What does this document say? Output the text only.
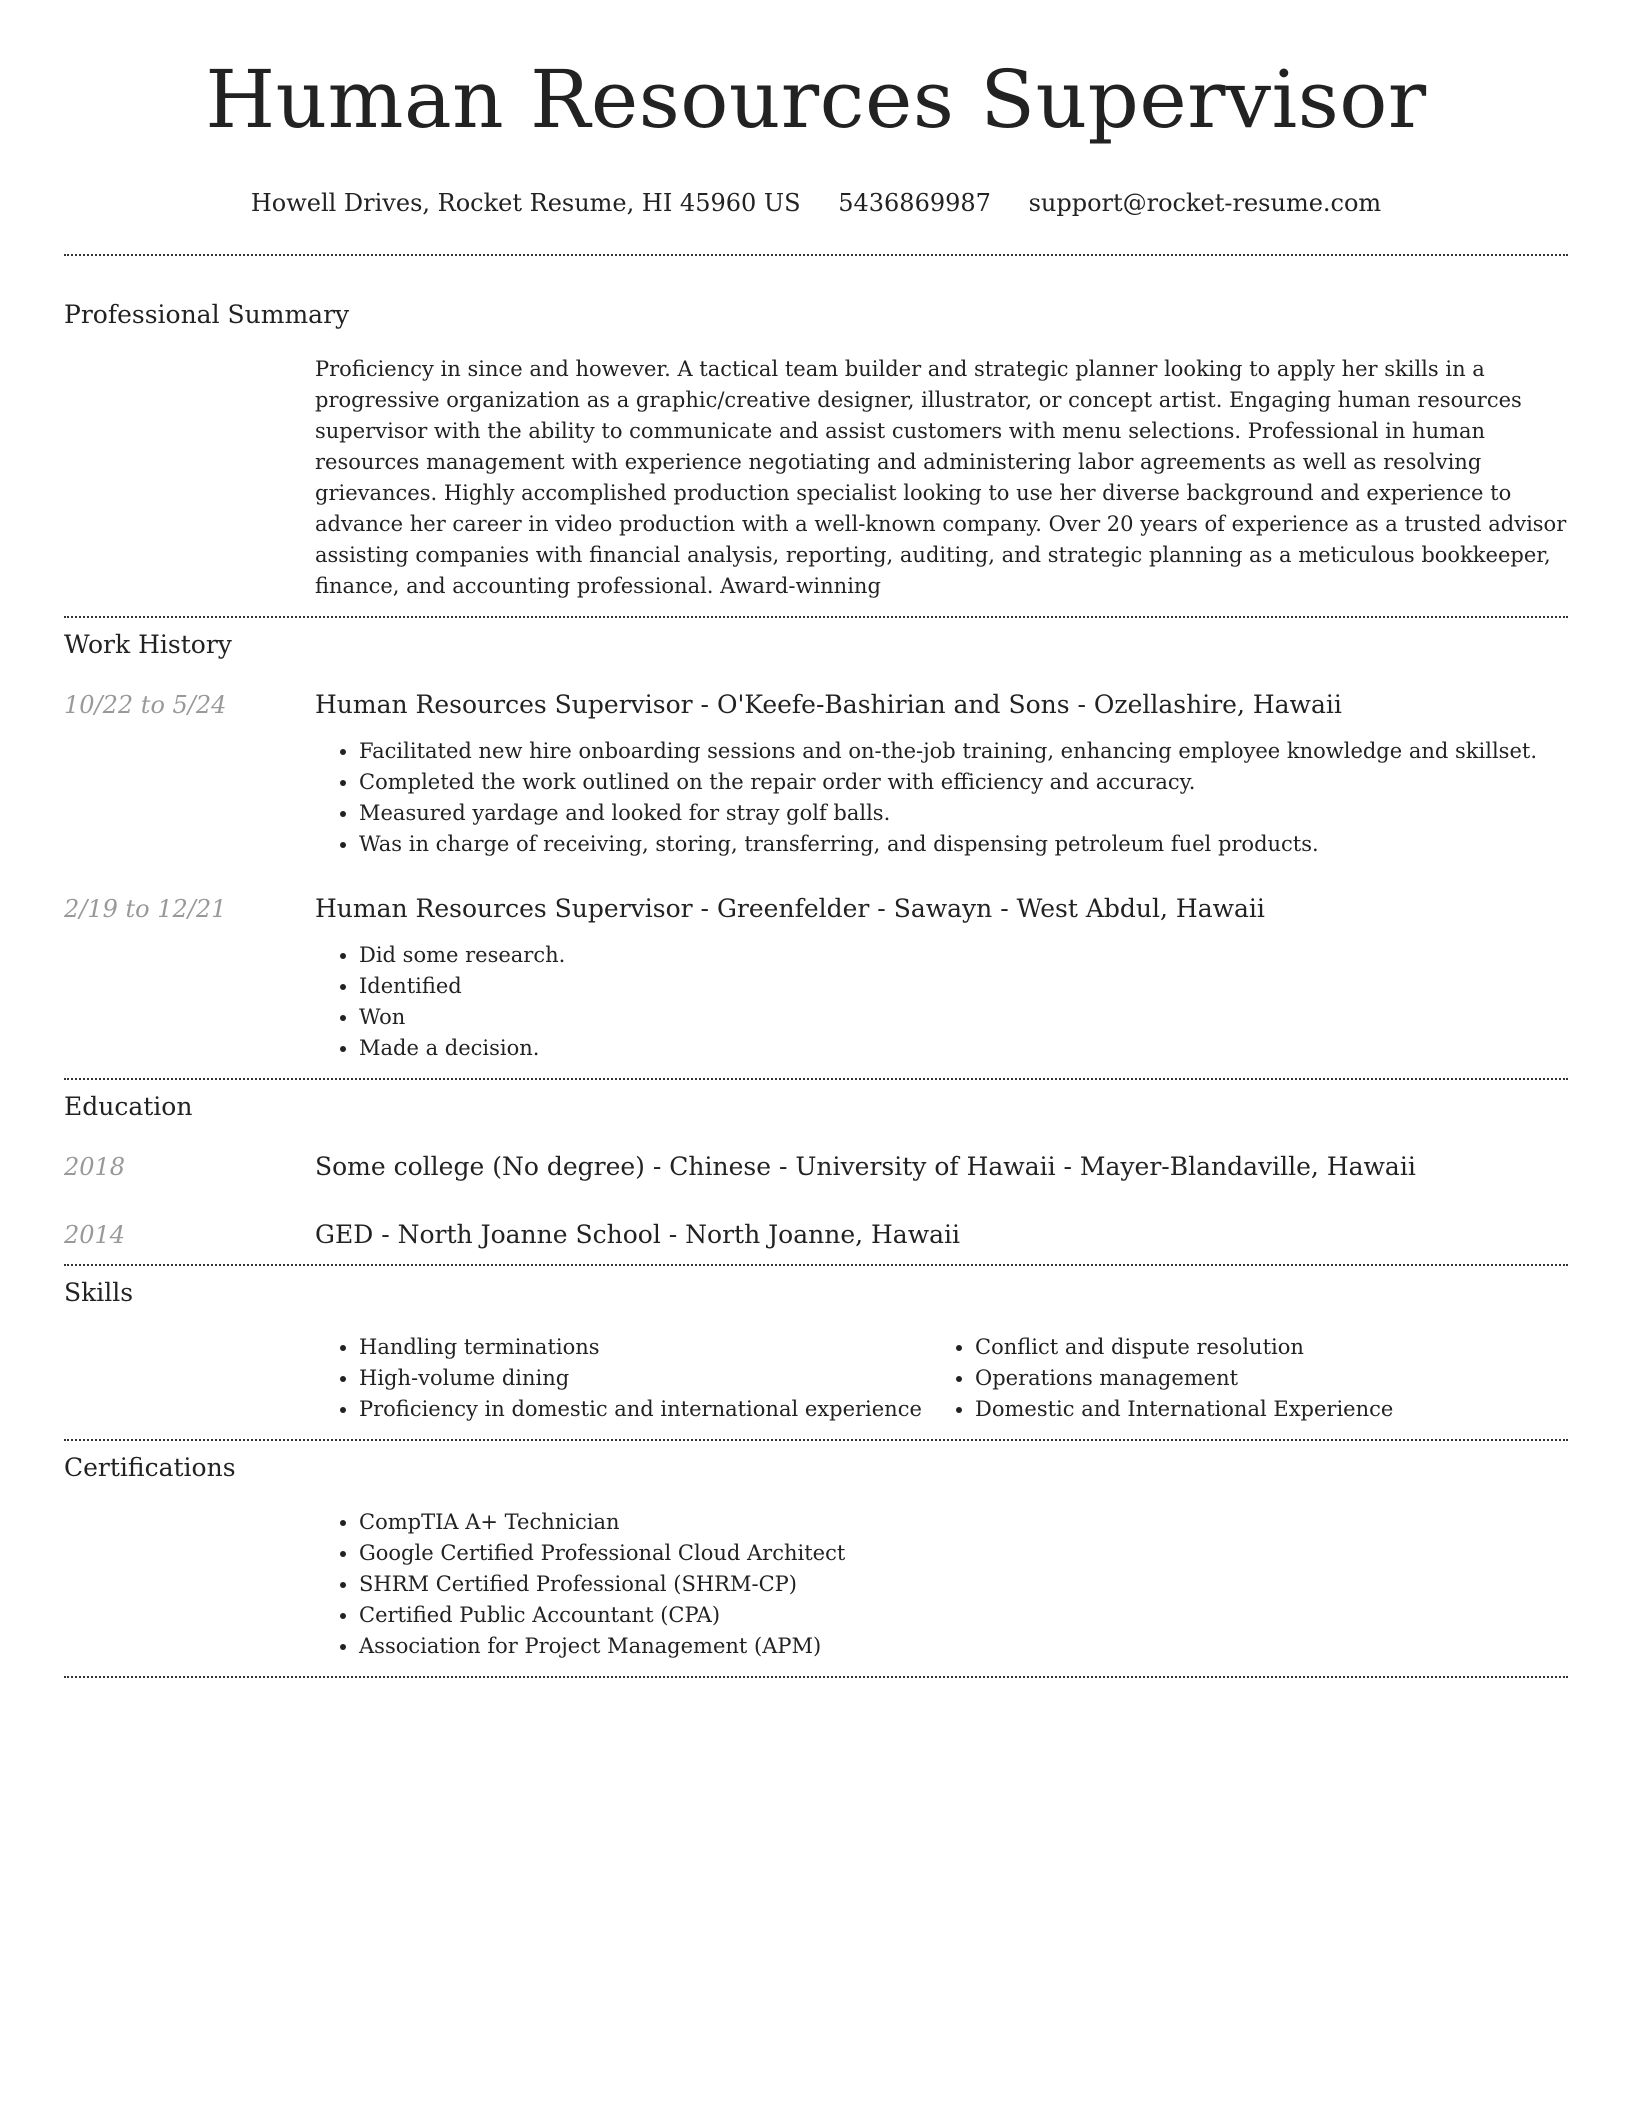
Human Resources Supervisor
Howell Drives, Rocket Resume, HI 45960 US 5436869987 support@rocket-resume.com
Professional Summary

Proficiency in since and however. A tactical team builder and strategic planner looking to apply her skills in a progressive organization as a graphic/creative designer, illustrator, or concept artist. Engaging human resources supervisor with the ability to communicate and assist customers with menu selections. Professional in human resources management with experience negotiating and administering labor agreements as well as resolving grievances. Highly accomplished production specialist looking to use her diverse background and experience to advance her career in video production with a well-known company. Over 20 years of experience as a trusted advisor assisting companies with financial analysis, reporting, auditing, and strategic planning as a meticulous bookkeeper, finance, and accounting professional. Award-winning

Work History
10/22 to 5/24	Human Resources Supervisor - O'Keefe-Bashirian and Sons - Ozellashire, Hawaii
• Facilitated new hire onboarding sessions and on-the-job training, enhancing employee knowledge and skillset.
• Completed the work outlined on the repair order with efficiency and accuracy.
• Measured yardage and looked for stray golf balls.
• Was in charge of receiving, storing, transferring, and dispensing petroleum fuel products.
2/19 to 12/21	Human Resources Supervisor - Greenfelder - Sawayn - West Abdul, Hawaii
• Did some research.
• Identified
• Won
• Made a decision.
Education
2018	Some college (No degree) - Chinese - University of Hawaii - Mayer-Blandaville, Hawaii
2014	GED - North Joanne School - North Joanne, Hawaii
Skills
• Handling terminations
• High-volume dining
• Proficiency in domestic and international experience
• Conflict and dispute resolution
• Operations management
• Domestic and International Experience
Certifications
• CompTIA A+ Technician
• Google Certified Professional Cloud Architect
• SHRM Certified Professional (SHRM-CP)
• Certified Public Accountant (CPA)
• Association for Project Management (APM)
